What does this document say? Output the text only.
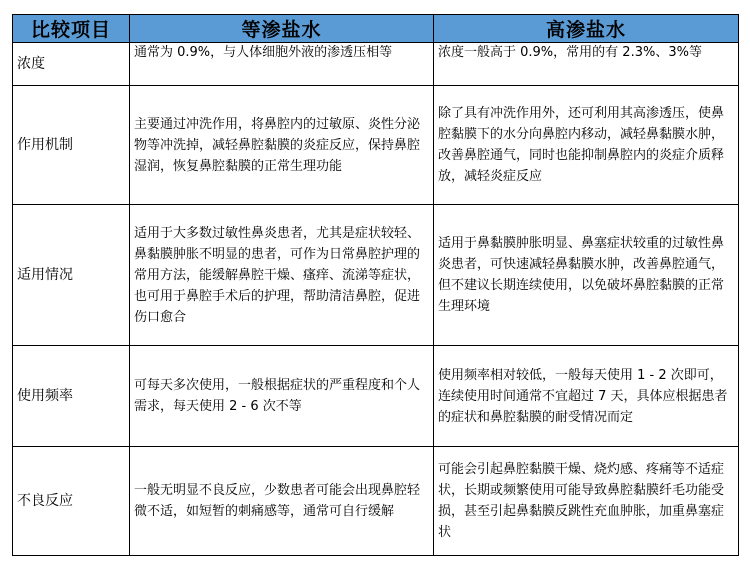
比较项目	等渗盐水	高渗盐水
浓度	通常为 0.9%，与人体细胞外液的渗透压相等	浓度一般高于 0.9%，常用的有 2.3%、3%等
作用机制	主要通过冲洗作用，将鼻腔内的过敏原、炎性分泌物等冲洗掉，减轻鼻腔黏膜的炎症反应，保持鼻腔湿润，恢复鼻腔黏膜的正常生理功能	除了具有冲洗作用外，还可利用其高渗透压，使鼻腔黏膜下的水分向鼻腔内移动，减轻鼻黏膜水肿，改善鼻腔通气，同时也能抑制鼻腔内的炎症介质释放，减轻炎症反应
适用情况	适用于大多数过敏性鼻炎患者，尤其是症状较轻、鼻黏膜肿胀不明显的患者，可作为日常鼻腔护理的常用方法，能缓解鼻腔干燥、瘙痒、流涕等症状，也可用于鼻腔手术后的护理，帮助清洁鼻腔，促进伤口愈合	适用于鼻黏膜肿胀明显、鼻塞症状较重的过敏性鼻炎患者，可快速减轻鼻黏膜水肿，改善鼻腔通气，但不建议长期连续使用，以免破坏鼻腔黏膜的正常生理环境
使用频率	可每天多次使用，一般根据症状的严重程度和个人需求，每天使用 2 - 6 次不等	使用频率相对较低，一般每天使用 1 - 2 次即可，连续使用时间通常不宜超过 7 天，具体应根据患者的症状和鼻腔黏膜的耐受情况而定
不良反应	一般无明显不良反应，少数患者可能会出现鼻腔轻微不适，如短暂的刺痛感等，通常可自行缓解	可能会引起鼻腔黏膜干燥、烧灼感、疼痛等不适症状，长期或频繁使用可能导致鼻腔黏膜纤毛功能受损，甚至引起鼻黏膜反跳性充血肿胀，加重鼻塞症状
